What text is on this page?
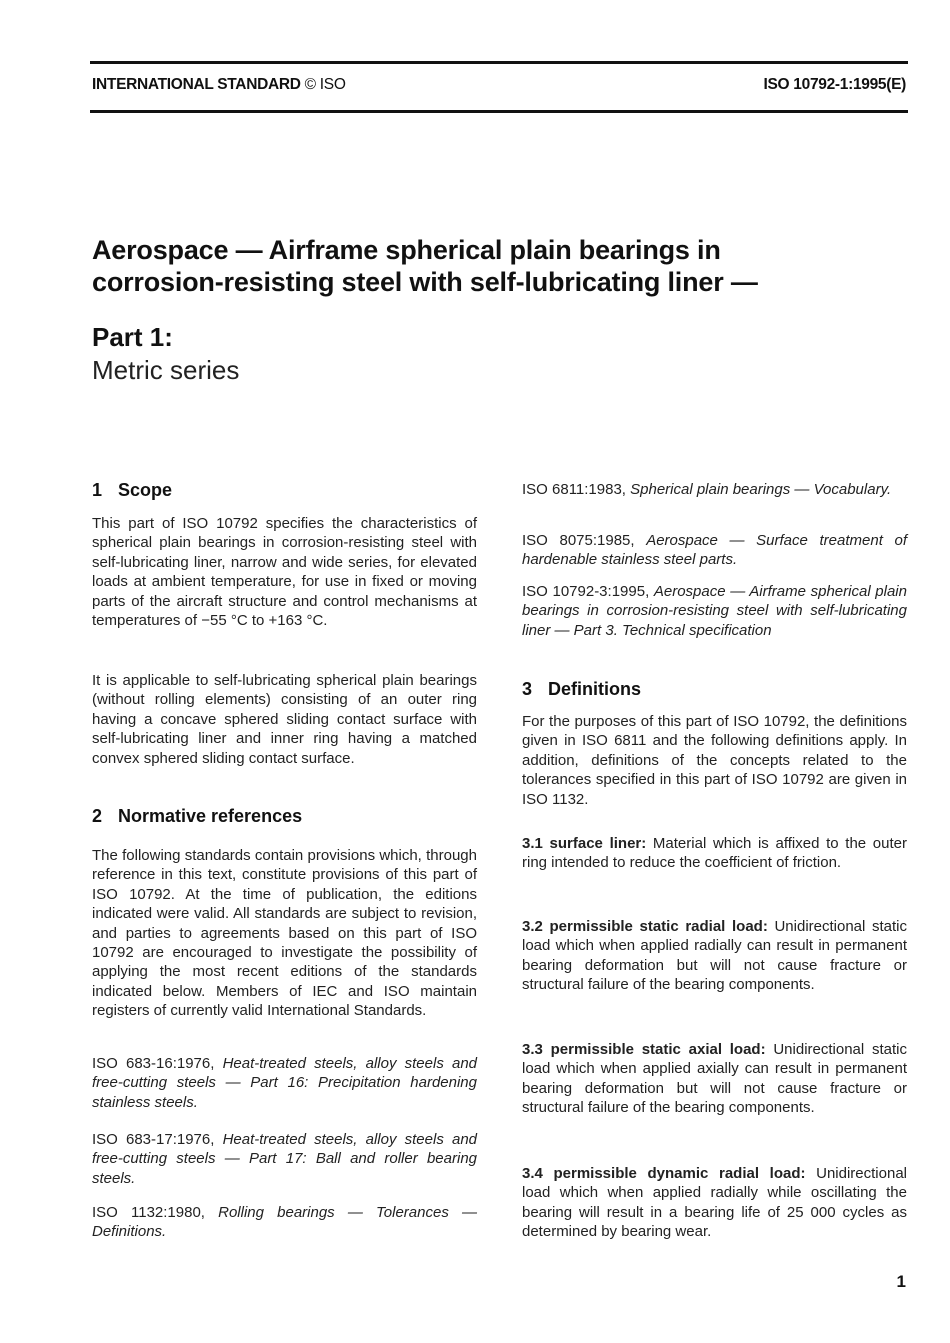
INTERNATIONAL STANDARD © ISO	ISO 10792-1:1995(E)
Aerospace — Airframe spherical plain bearings in
corrosion-resisting steel with self-lubricating liner —
Part 1:
Metric series
1 Scope
This part of ISO 10792 specifies the characteristics of spherical plain bearings in corrosion-resisting steel with self-lubricating liner, narrow and wide series, for elevated loads at ambient temperature, for use in fixed or moving parts of the aircraft structure and control mechanisms at temperatures of −55 °C to +163 °C.
It is applicable to self-lubricating spherical plain bearings (without rolling elements) consisting of an outer ring having a concave sphered sliding contact surface with self-lubricating liner and inner ring having a matched convex sphered sliding contact surface.
2 Normative references
The following standards contain provisions which, through reference in this text, constitute provisions of this part of ISO 10792. At the time of publication, the editions indicated were valid. All standards are subject to revision, and parties to agreements based on this part of ISO 10792 are encouraged to investigate the possibility of applying the most recent editions of the standards indicated below. Members of IEC and ISO maintain registers of currently valid International Standards.
ISO 683-16:1976, Heat-treated steels, alloy steels and free-cutting steels — Part 16: Precipitation hardening stainless steels.
ISO 683-17:1976, Heat-treated steels, alloy steels and free-cutting steels — Part 17: Ball and roller bearing steels.
ISO 1132:1980, Rolling bearings — Tolerances — Definitions.
ISO 6811:1983, Spherical plain bearings — Vocabulary.
ISO 8075:1985, Aerospace — Surface treatment of hardenable stainless steel parts.
ISO 10792-3:1995, Aerospace — Airframe spherical plain bearings in corrosion-resisting steel with self-lubricating liner — Part 3. Technical specification
3 Definitions
For the purposes of this part of ISO 10792, the definitions given in ISO 6811 and the following definitions apply. In addition, definitions of the concepts related to the tolerances specified in this part of ISO 10792 are given in ISO 1132.
3.1 surface liner: Material which is affixed to the outer ring intended to reduce the coefficient of friction.
3.2 permissible static radial load: Unidirectional static load which when applied radially can result in permanent bearing deformation but will not cause fracture or structural failure of the bearing components.
3.3 permissible static axial load: Unidirectional static load which when applied axially can result in permanent bearing deformation but will not cause fracture or structural failure of the bearing components.
3.4 permissible dynamic radial load: Unidirectional load which when applied radially while oscillating the bearing will result in a bearing life of 25 000 cycles as determined by bearing wear.
1
